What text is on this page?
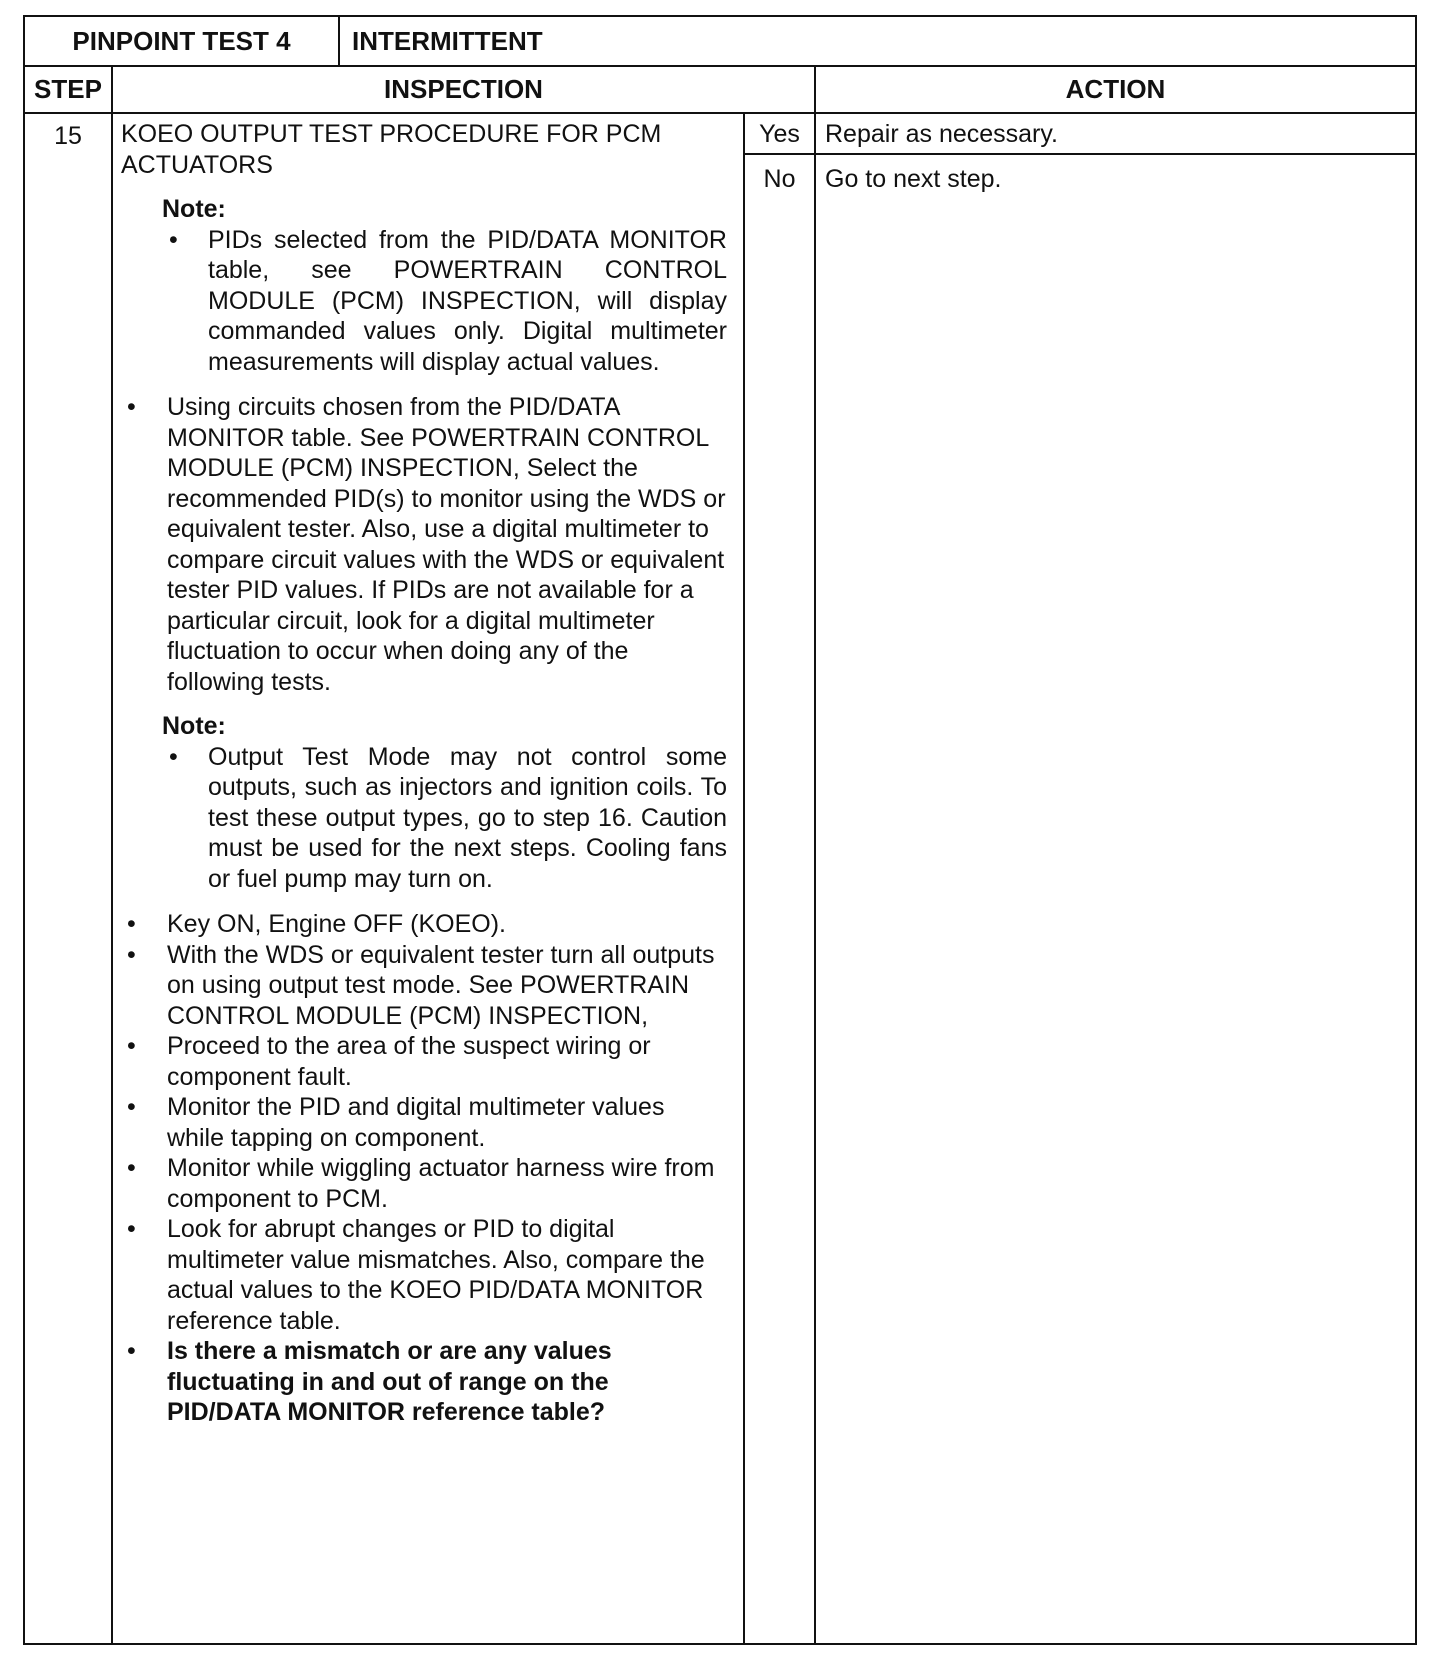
PINPOINT TEST 4	INTERMITTENT
STEP	INSPECTION	ACTION
15	KOEO OUTPUT TEST PROCEDURE FOR PCM ACTUATORS

Note:
• PIDs selected from the PID/DATA MONITOR table, see POWERTRAIN CONTROL MODULE (PCM) INSPECTION, will display commanded values only. Digital multimeter measurements will display actual values.
• Using circuits chosen from the PID/DATA MONITOR table. See POWERTRAIN CONTROL MODULE (PCM) INSPECTION, Select the recommended PID(s) to monitor using the WDS or equivalent tester. Also, use a digital multimeter to compare circuit values with the WDS or equivalent tester PID values. If PIDs are not available for a particular circuit, look for a digital multimeter fluctuation to occur when doing any of the following tests.
Note:
• Output Test Mode may not control some outputs, such as injectors and ignition coils. To test these output types, go to step 16. Caution must be used for the next steps. Cooling fans or fuel pump may turn on.
• Key ON, Engine OFF (KOEO).
• With the WDS or equivalent tester turn all outputs on using output test mode. See POWERTRAIN CONTROL MODULE (PCM) INSPECTION,
• Proceed to the area of the suspect wiring or component fault.
• Monitor the PID and digital multimeter values while tapping on component.
• Monitor while wiggling actuator harness wire from component to PCM.
• Look for abrupt changes or PID to digital multimeter value mismatches. Also, compare the actual values to the KOEO PID/DATA MONITOR reference table.
• Is there a mismatch or are any values fluctuating in and out of range on the PID/DATA MONITOR reference table?
Yes	Repair as necessary.
No	Go to next step.
